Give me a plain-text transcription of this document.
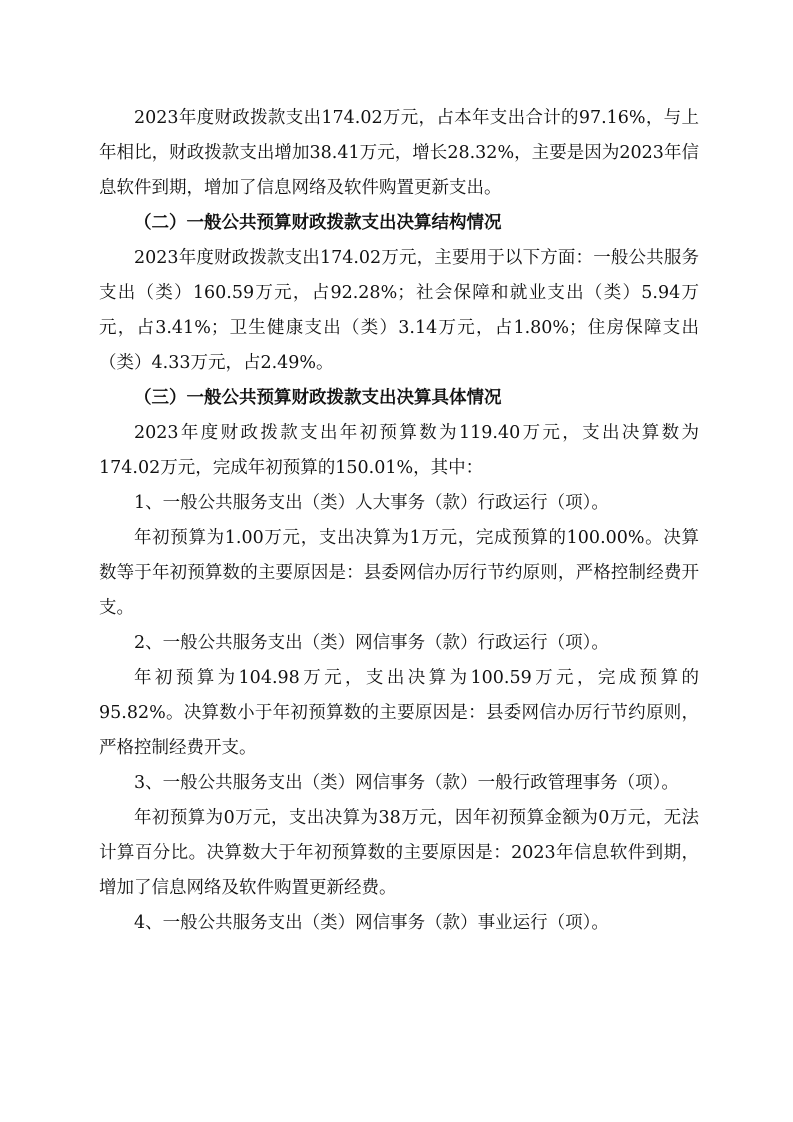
2023年度财政拨款支出174.02万元，占本年支出合计的97.16%，与上年相比，财政拨款支出增加38.41万元，增长28.32%，主要是因为2023年信息软件到期，增加了信息网络及软件购置更新支出。

（二）一般公共预算财政拨款支出决算结构情况

2023年度财政拨款支出174.02万元，主要用于以下方面：一般公共服务支出（类）160.59万元，占92.28%；社会保障和就业支出（类）5.94万元，占3.41%；卫生健康支出（类）3.14万元，占1.80%；住房保障支出（类）4.33万元，占2.49%。

（三）一般公共预算财政拨款支出决算具体情况

2023年度财政拨款支出年初预算数为119.40万元，支出决算数为174.02万元，完成年初预算的150.01%，其中：

1、一般公共服务支出（类）人大事务（款）行政运行（项）。

年初预算为1.00万元，支出决算为1万元，完成预算的100.00%。决算数等于年初预算数的主要原因是：县委网信办厉行节约原则，严格控制经费开支。

2、一般公共服务支出（类）网信事务（款）行政运行（项）。

年初预算为104.98万元，支出决算为100.59万元，完成预算的95.82%。决算数小于年初预算数的主要原因是：县委网信办厉行节约原则，严格控制经费开支。

3、一般公共服务支出（类）网信事务（款）一般行政管理事务（项）。

年初预算为0万元，支出决算为38万元，因年初预算金额为0万元，无法计算百分比。决算数大于年初预算数的主要原因是：2023年信息软件到期，增加了信息网络及软件购置更新经费。

4、一般公共服务支出（类）网信事务（款）事业运行（项）。
